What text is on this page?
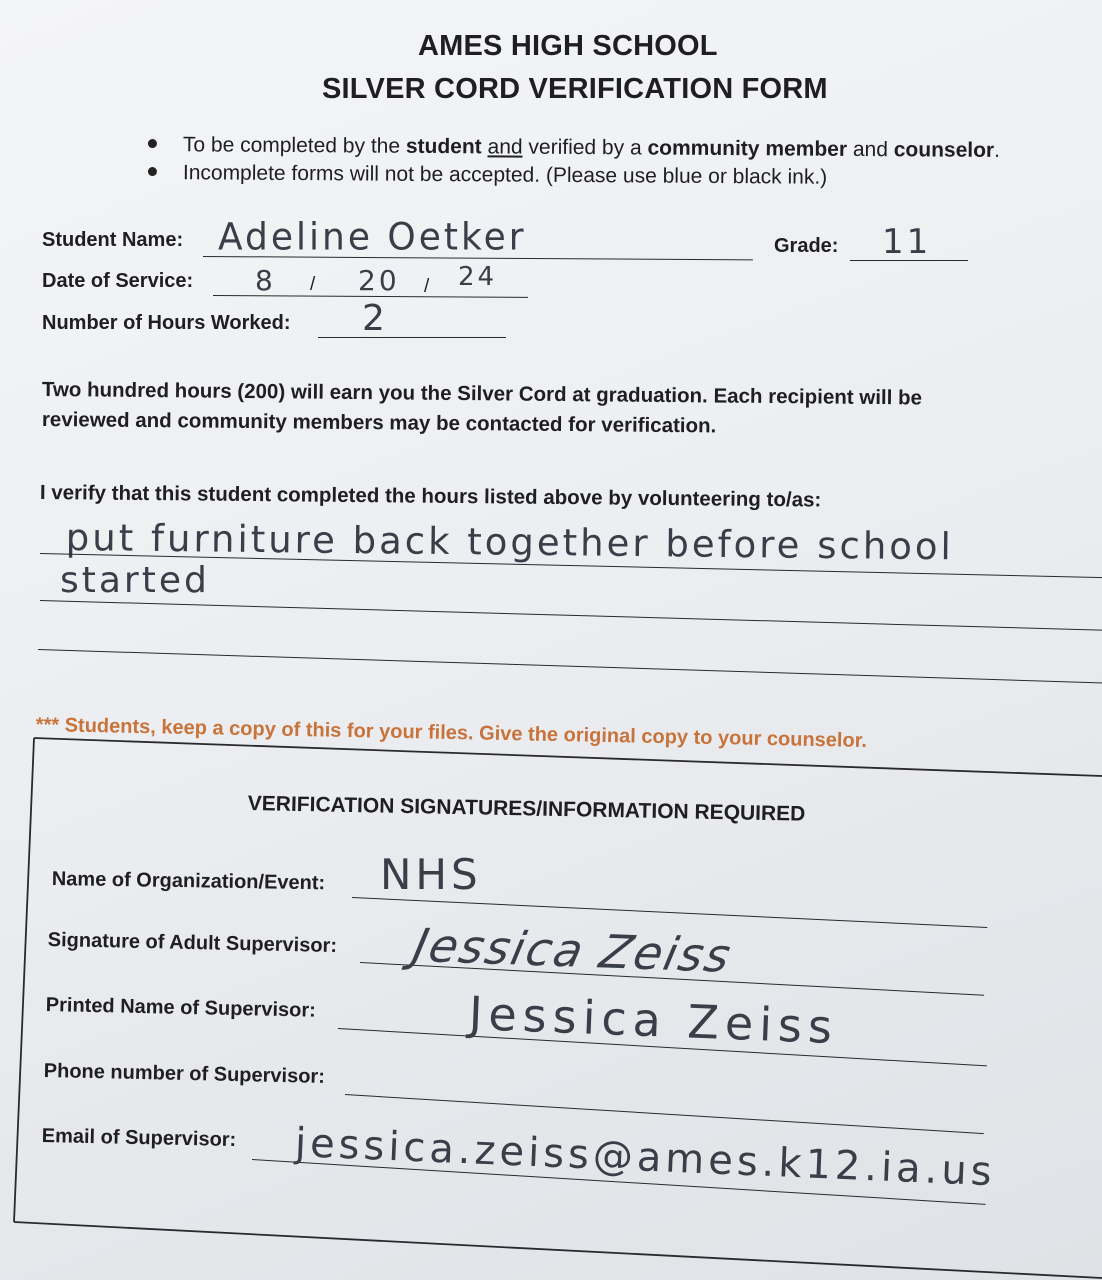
AMES HIGH SCHOOL
SILVER CORD VERIFICATION FORM
To be completed by the student and verified by a community member and counselor.
Incomplete forms will not be accepted. (Please use blue or black ink.)
Student Name: Adeline Oetker	Grade: 11
Date of Service: 8 / 20 / 24
Number of Hours Worked: 2
Two hundred hours (200) will earn you the Silver Cord at graduation. Each recipient will be
reviewed and community members may be contacted for verification.
I verify that this student completed the hours listed above by volunteering to/as:
put furniture back together before school
started
*** Students, keep a copy of this for your files. Give the original copy to your counselor.
VERIFICATION SIGNATURES/INFORMATION REQUIRED
Name of Organization/Event: NHS
Signature of Adult Supervisor: Jessica Zeiss
Printed Name of Supervisor:	Jessica Zeiss
Phone number of Supervisor:
Email of Supervisor: jessica.zeiss@ames.k12.ia.us
